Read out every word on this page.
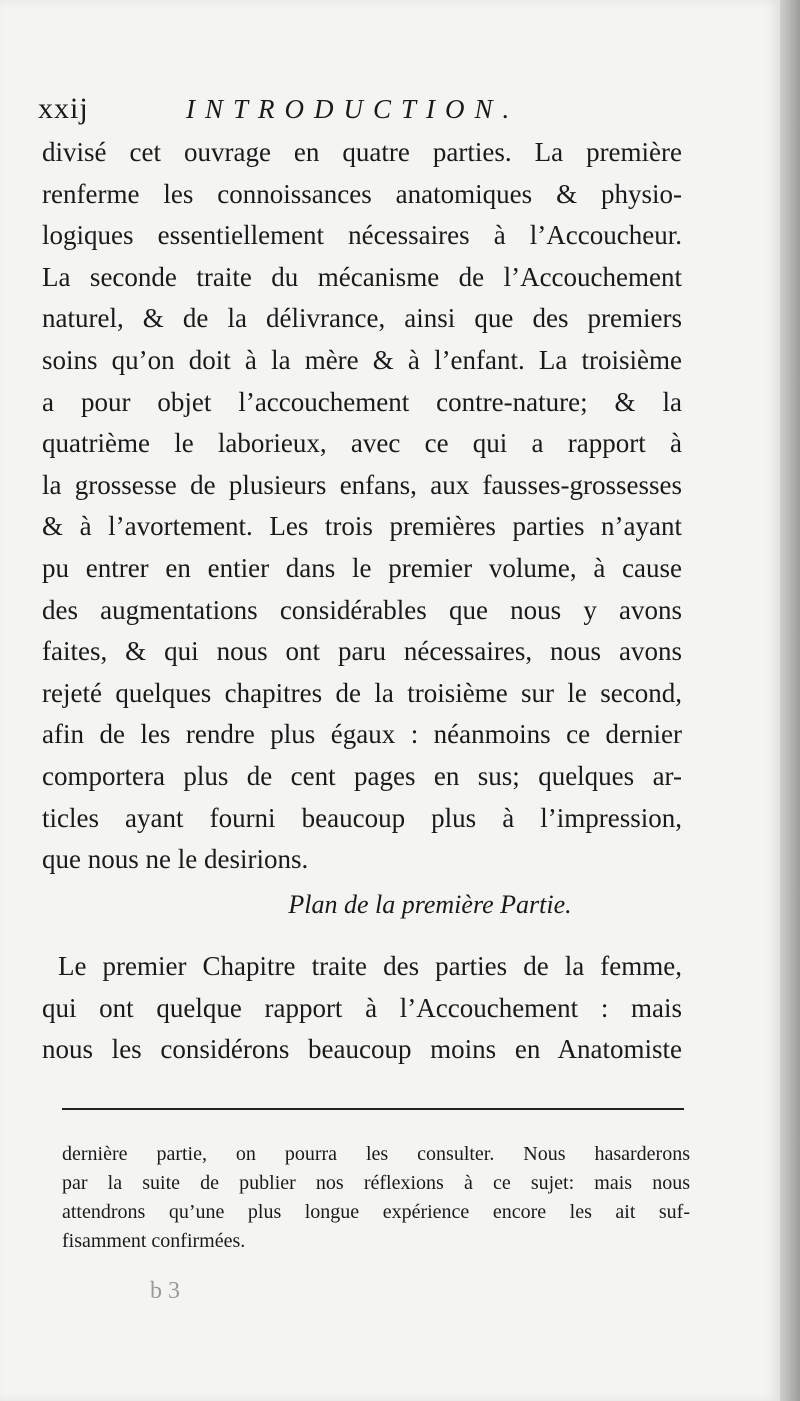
xxij	INTRODUCTION.
divisé cet ouvrage en quatre parties. La première
renferme les connoissances anatomiques & physio-
logiques essentiellement nécessaires à l’Accoucheur.
La seconde traite du mécanisme de l’Accouchement
naturel, & de la délivrance, ainsi que des premiers
soins qu’on doit à la mère & à l’enfant. La troisième
a pour objet l’accouchement contre-nature; & la
quatrième le laborieux, avec ce qui a rapport à
la grossesse de plusieurs enfans, aux fausses-grossesses
& à l’avortement. Les trois premières parties n’ayant
pu entrer en entier dans le premier volume, à cause
des augmentations considérables que nous y avons
faites, & qui nous ont paru nécessaires, nous avons
rejeté quelques chapitres de la troisième sur le second,
afin de les rendre plus égaux : néanmoins ce dernier
comportera plus de cent pages en sus; quelques ar-
ticles ayant fourni beaucoup plus à l’impression,
que nous ne le desirions.
Plan de la première Partie.
Le premier Chapitre traite des parties de la femme,
qui ont quelque rapport à l’Accouchement : mais
nous les considérons beaucoup moins en Anatomiste
dernière partie, on pourra les consulter. Nous hasarderons
par la suite de publier nos réflexions à ce sujet: mais nous
attendrons qu’une plus longue expérience encore les ait suf-
fisamment confirmées.
b 3
